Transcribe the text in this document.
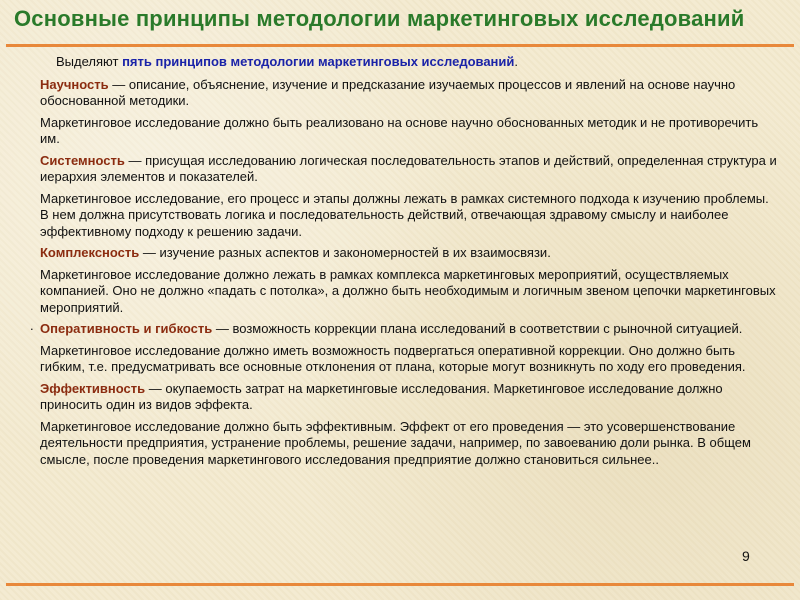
Основные принципы методологии маркетинговых исследований
Выделяют пять принципов методологии маркетинговых исследований.
Научность — описание, объяснение, изучение и предсказание изучаемых процессов и явлений на основе научно обоснованной методики.
Маркетинговое исследование должно быть реализовано на основе научно обоснованных методик и не противоречить им.
Системность — присущая исследованию логическая последовательность этапов и действий, определенная структура и иерархия элементов и показателей.
Маркетинговое исследование, его процесс и этапы должны лежать в рамках системного подхода к изучению проблемы. В нем должна присутствовать логика и последовательность действий, отвечающая здравому смыслу и наиболее эффективному подходу к решению задачи.
Комплексность — изучение разных аспектов и закономерностей в их взаимосвязи.
Маркетинговое исследование должно лежать в рамках комплекса маркетинговых мероприятий, осуществляемых компанией. Оно не должно «падать с потолка», а должно быть необходимым и логичным звеном цепочки маркетинговых мероприятий.
Оперативность и гибкость — возможность коррекции плана исследований в соответствии с рыночной ситуацией.
Маркетинговое исследование должно иметь возможность подвергаться оперативной коррекции. Оно должно быть гибким, т.е. предусматривать все основные отклонения от плана, которые могут возникнуть по ходу его проведения.
Эффективность — окупаемость затрат на маркетинговые исследования. Маркетинговое исследование должно приносить один из видов эффекта.
Маркетинговое исследование должно быть эффективным. Эффект от его проведения — это усовершенствование деятельности предприятия, устранение проблемы, решение задачи, например, по завоеванию доли рынка. В общем смысле, после проведения маркетингового исследования предприятие должно становиться сильнее..
.
9
